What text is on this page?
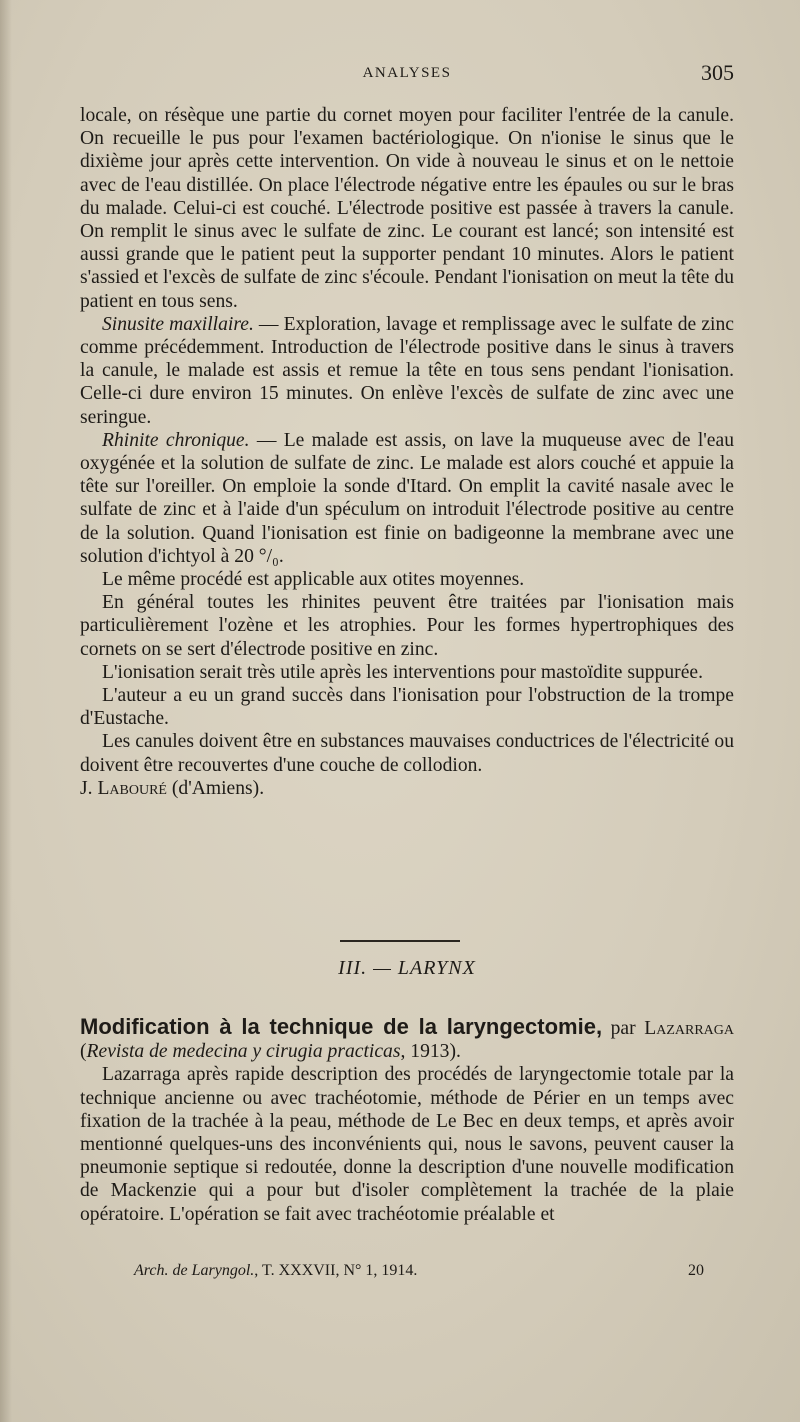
ANALYSES	305

locale, on résèque une partie du cornet moyen pour faciliter l'entrée de la canule. On recueille le pus pour l'examen bactériologique. On n'ionise le sinus que le dixième jour après cette intervention. On vide à nouveau le sinus et on le nettoie avec de l'eau distillée. On place l'électrode négative entre les épaules ou sur le bras du malade. Celui-ci est couché. L'électrode positive est passée à travers la canule. On remplit le sinus avec le sulfate de zinc. Le courant est lancé; son intensité est aussi grande que le patient peut la supporter pendant 10 minutes. Alors le patient s'assied et l'excès de sulfate de zinc s'écoule. Pendant l'ionisation on meut la tête du patient en tous sens.

Sinusite maxillaire. — Exploration, lavage et remplissage avec le sulfate de zinc comme précédemment. Introduction de l'électrode positive dans le sinus à travers la canule, le malade est assis et remue la tête en tous sens pendant l'ionisation. Celle-ci dure environ 15 minutes. On enlève l'excès de sulfate de zinc avec une seringue.

Rhinite chronique. — Le malade est assis, on lave la muqueuse avec de l'eau oxygénée et la solution de sulfate de zinc. Le malade est alors couché et appuie la tête sur l'oreiller. On emploie la sonde d'Itard. On emplit la cavité nasale avec le sulfate de zinc et à l'aide d'un spéculum on introduit l'électrode positive au centre de la solution. Quand l'ionisation est finie on badigeonne la membrane avec une solution d'ichtyol à 20 °/₀.

Le même procédé est applicable aux otites moyennes.

En général toutes les rhinites peuvent être traitées par l'ionisation mais particulièrement l'ozène et les atrophies. Pour les formes hypertrophiques des cornets on se sert d'électrode positive en zinc.

L'ionisation serait très utile après les interventions pour mastoïdite suppurée.

L'auteur a eu un grand succès dans l'ionisation pour l'obstruction de la trompe d'Eustache.

Les canules doivent être en substances mauvaises conductrices de l'électricité ou doivent être recouvertes d'une couche de collodion.

J. Labouré (d'Amiens).

III. — LARYNX

Modification à la technique de la laryngectomie, par Lazarraga (Revista de medecina y cirugia practicas, 1913).

Lazarraga après rapide description des procédés de laryngectomie totale par la technique ancienne ou avec trachéotomie, méthode de Périer en un temps avec fixation de la trachée à la peau, méthode de Le Bec en deux temps, et après avoir mentionné quelques-uns des inconvénients qui, nous le savons, peuvent causer la pneumonie septique si redoutée, donne la description d'une nouvelle modification de Mackenzie qui a pour but d'isoler complètement la trachée de la plaie opératoire. L'opération se fait avec trachéotomie préalable et

Arch. de Laryngol., T. XXXVII, N° 1, 1914.	20
